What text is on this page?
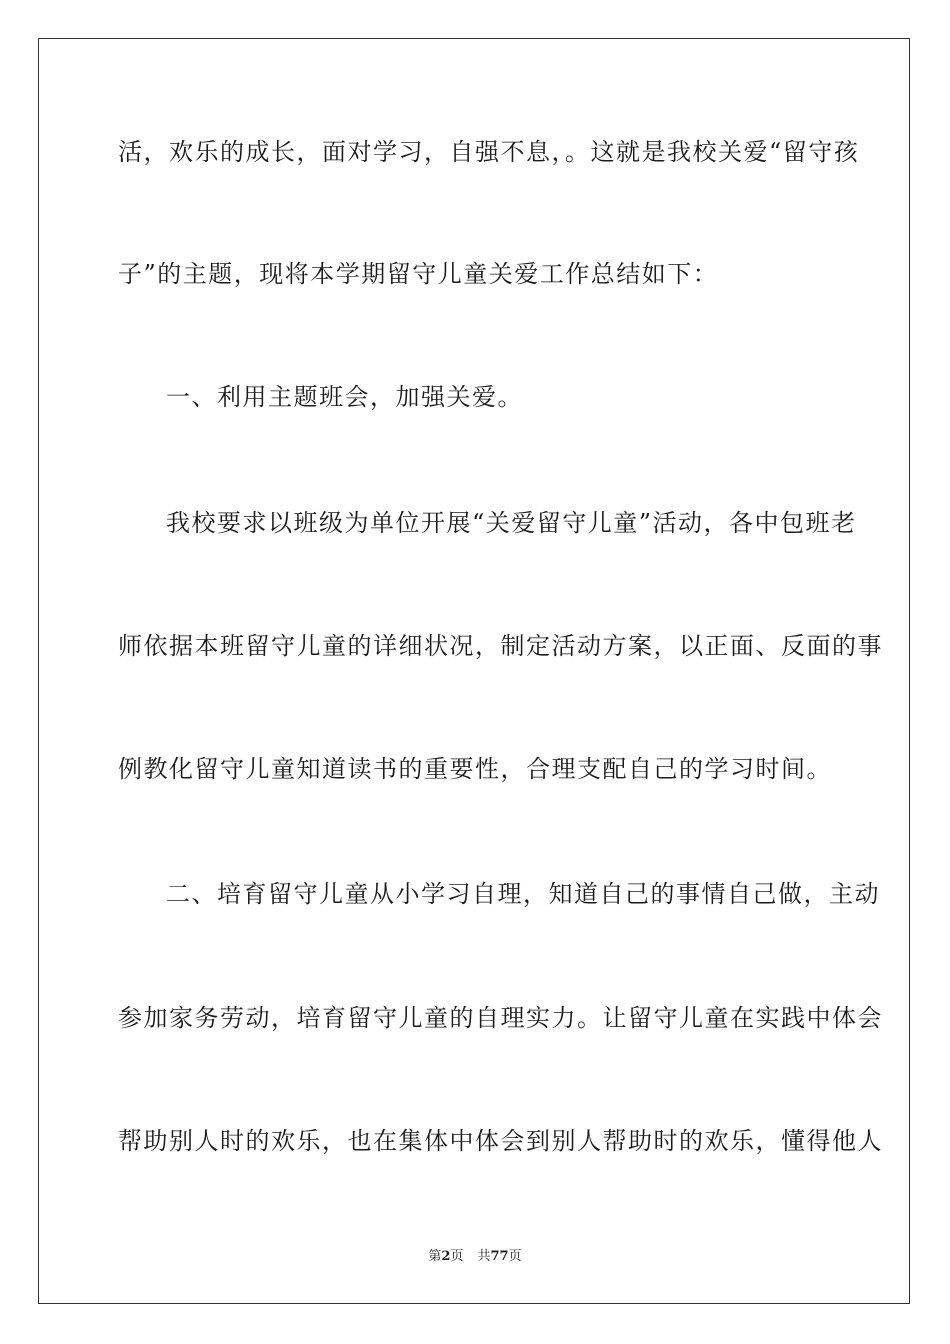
活，欢乐的成长，面对学习，自强不息，。这就是我校关爱“留守孩
子”的主题，现将本学期留守儿童关爱工作总结如下：
一、利用主题班会，加强关爱。
我校要求以班级为单位开展“关爱留守儿童”活动，各中包班老
师依据本班留守儿童的详细状况，制定活动方案，以正面、反面的事
例教化留守儿童知道读书的重要性，合理支配自己的学习时间。
二、培育留守儿童从小学习自理，知道自己的事情自己做，主动
参加家务劳动，培育留守儿童的自理实力。让留守儿童在实践中体会
帮助别人时的欢乐，也在集体中体会到别人帮助时的欢乐，懂得他人
第2页 共77页
